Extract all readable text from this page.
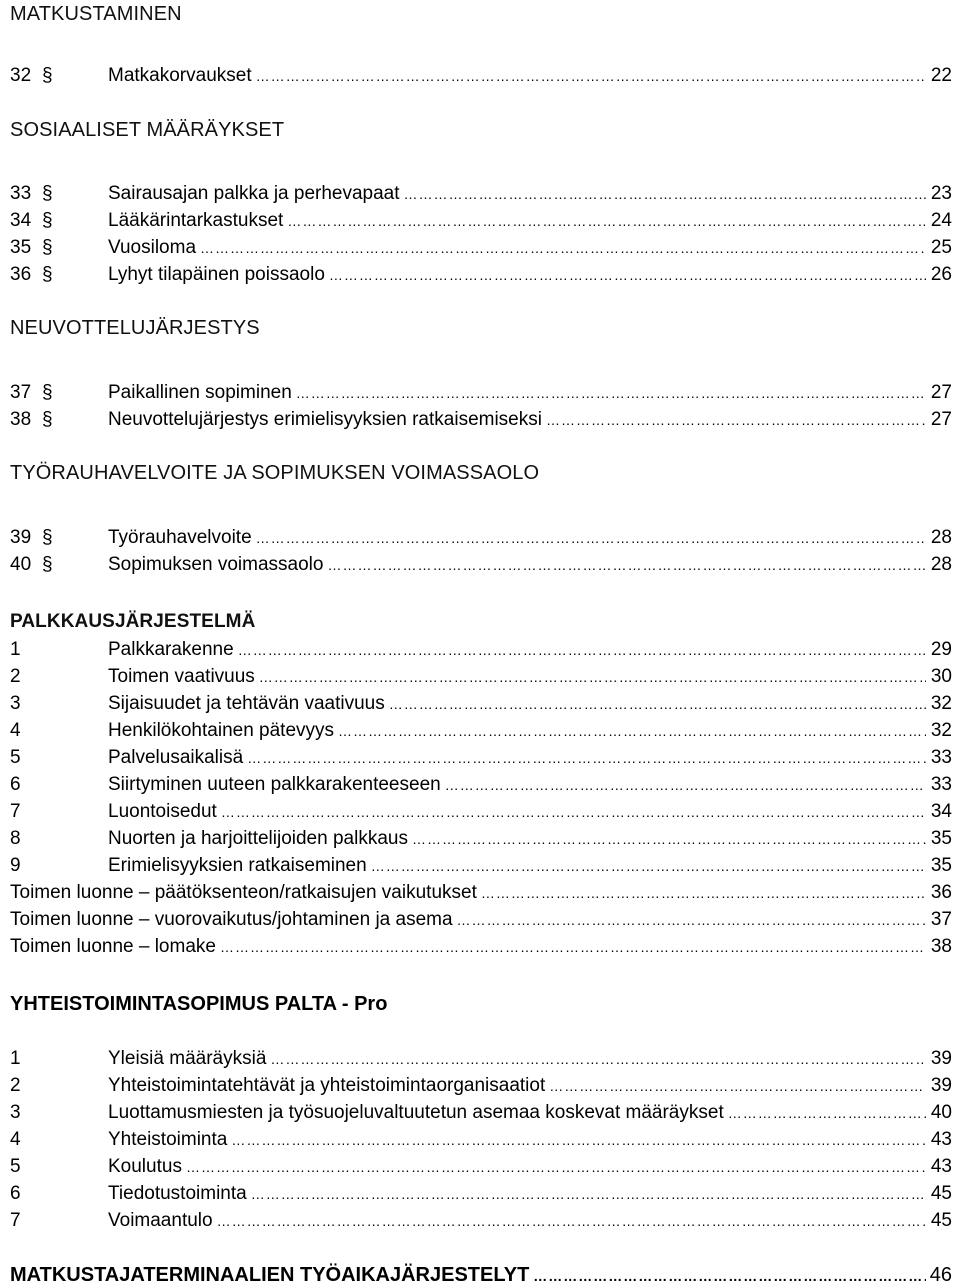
MATKUSTAMINEN
32 §	Matkakorvaukset …………………………………………………………………………………………………………………………………………………………………………………………………………………	22
SOSIAALISET MÄÄRÄYKSET
33 §	Sairausajan palkka ja perhevapaat …………………………………………………………………………………………………………………………………………………………………………………………………………………	23
34 §	Lääkärintarkastukset …………………………………………………………………………………………………………………………………………………………………………………………………………………	24
35 §	Vuosiloma …………………………………………………………………………………………………………………………………………………………………………………………………………………	25
36 §	Lyhyt tilapäinen poissaolo …………………………………………………………………………………………………………………………………………………………………………………………………………………	26
NEUVOTTELUJÄRJESTYS
37 §	Paikallinen sopiminen …………………………………………………………………………………………………………………………………………………………………………………………………………………	27
38 §	Neuvottelujärjestys erimielisyyksien ratkaisemiseksi …………………………………………………………………………………………………………………………………………………………………………………………………………………	27
TYÖRAUHAVELVOITE JA SOPIMUKSEN VOIMASSAOLO
39 §	Työrauhavelvoite …………………………………………………………………………………………………………………………………………………………………………………………………………………	28
40 §	Sopimuksen voimassaolo …………………………………………………………………………………………………………………………………………………………………………………………………………………	28
PALKKAUSJÄRJESTELMÄ
1	Palkkarakenne …………………………………………………………………………………………………………………………………………………………………………………………………………………	29
2	Toimen vaativuus …………………………………………………………………………………………………………………………………………………………………………………………………………………	30
3	Sijaisuudet ja tehtävän vaativuus …………………………………………………………………………………………………………………………………………………………………………………………………………………	32
4	Henkilökohtainen pätevyys …………………………………………………………………………………………………………………………………………………………………………………………………………………	32
5	Palvelusaikalisä …………………………………………………………………………………………………………………………………………………………………………………………………………………	33
6	Siirtyminen uuteen palkkarakenteeseen …………………………………………………………………………………………………………………………………………………………………………………………………………………	33
7	Luontoisedut …………………………………………………………………………………………………………………………………………………………………………………………………………………	34
8	Nuorten ja harjoittelijoiden palkkaus …………………………………………………………………………………………………………………………………………………………………………………………………………………	35
9	Erimielisyyksien ratkaiseminen …………………………………………………………………………………………………………………………………………………………………………………………………………………	35
Toimen luonne – päätöksenteon/ratkaisujen vaikutukset …………………………………………………………………………………………………………………………………………………………………………………………………………………	36
Toimen luonne – vuorovaikutus/johtaminen ja asema …………………………………………………………………………………………………………………………………………………………………………………………………………………	37
Toimen luonne – lomake …………………………………………………………………………………………………………………………………………………………………………………………………………………	38
YHTEISTOIMINTASOPIMUS PALTA - Pro
1	Yleisiä määräyksiä …………………………………………………………………………………………………………………………………………………………………………………………………………………	39
2	Yhteistoimintatehtävät ja yhteistoimintaorganisaatiot …………………………………………………………………………………………………………………………………………………………………………………………………………………	39
3	Luottamusmiesten ja työsuojeluvaltuutetun asemaa koskevat määräykset …………………………………………………………………………………………………………………………………………………………………………………………………………………	40
4	Yhteistoiminta …………………………………………………………………………………………………………………………………………………………………………………………………………………	43
5	Koulutus …………………………………………………………………………………………………………………………………………………………………………………………………………………	43
6	Tiedotustoiminta …………………………………………………………………………………………………………………………………………………………………………………………………………………	45
7	Voimaantulo …………………………………………………………………………………………………………………………………………………………………………………………………………………	45
MATKUSTAJATERMINAALIEN TYÖAIKAJÄRJESTELYT …………………………………………………………………………………………………………………………………………………………………………………………………………………	46
